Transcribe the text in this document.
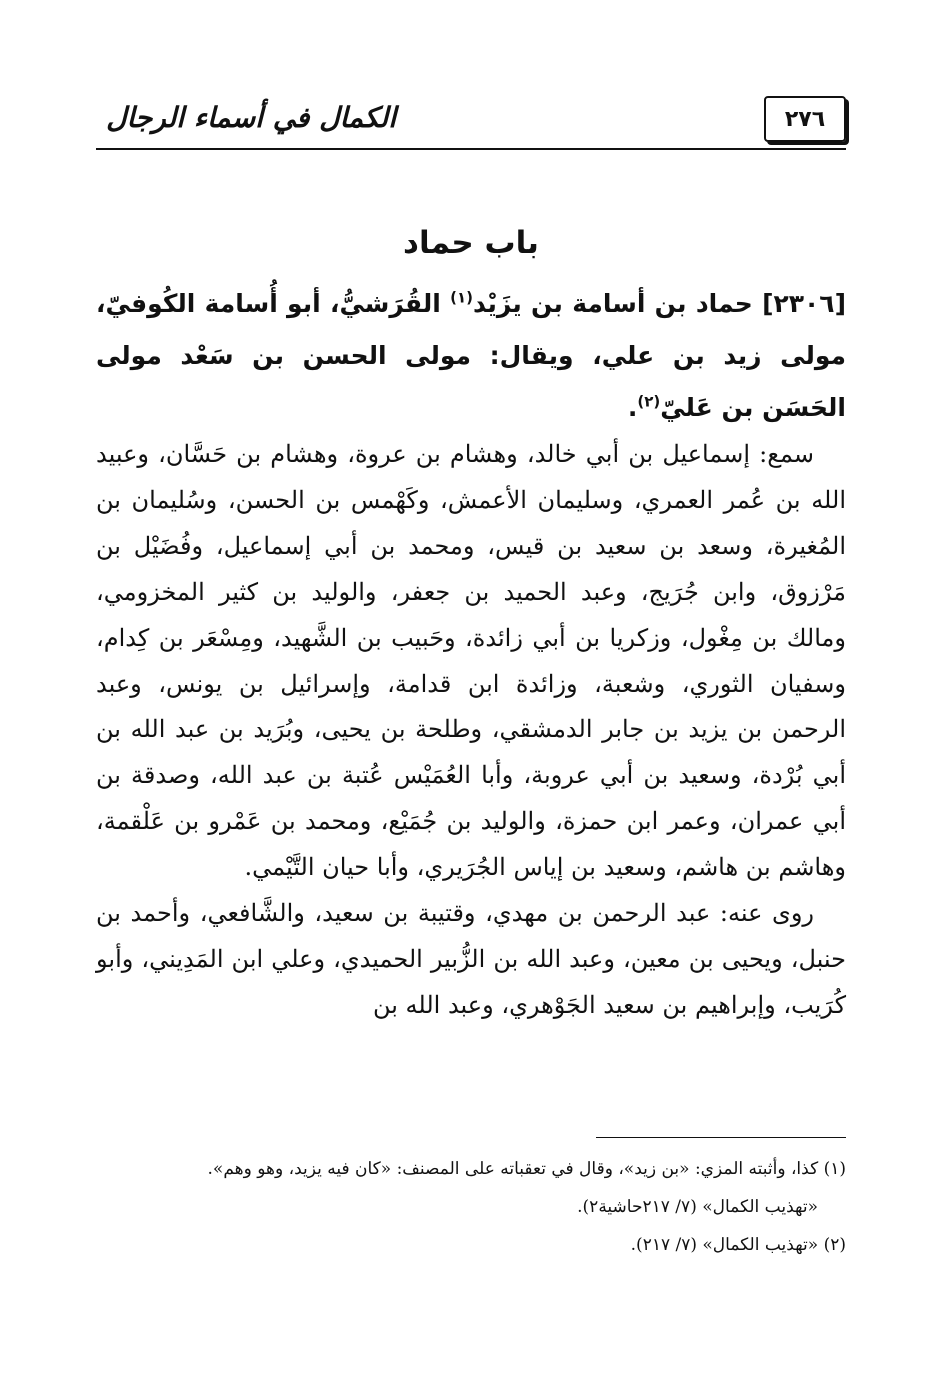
٢٧٦
الكمال في أسماء الرجال
باب حماد
[٢٣٠٦] حماد بن أسامة بن يزَيْد$^{(١)}$ القُرَشيُّ، أبو أُسامة الكُوفيّ، مولى زيد بن علي، ويقال: مولى الحسن بن سَعْد مولى الحَسَن بن عَليّ$^{(٢)}$.

سمع: إسماعيل بن أبي خالد، وهشام بن عروة، وهشام بن حَسَّان، وعبيد الله بن عُمر العمري، وسليمان الأعمش، وكَهْمس بن الحسن، وسُليمان بن المُغيرة، وسعد بن سعيد بن قيس، ومحمد بن أبي إسماعيل، وفُضَيْل بن مَرْزوق، وابن جُرَيج، وعبد الحميد بن جعفر، والوليد بن كثير المخزومي، ومالك بن مِغْول، وزكريا بن أبي زائدة، وحَبيب بن الشَّهيد، ومِسْعَر بن كِدام، وسفيان الثوري، وشعبة، وزائدة ابن قدامة، وإسرائيل بن يونس، وعبد الرحمن بن يزيد بن جابر الدمشقي، وطلحة بن يحيى، وبُرَيد بن عبد الله بن أبي بُرْدة، وسعيد بن أبي عروبة، وأبا العُمَيْس عُتبة بن عبد الله، وصدقة بن أبي عمران، وعمر ابن حمزة، والوليد بن جُمَيْع، ومحمد بن عَمْرو بن عَلْقمة، وهاشم بن هاشم، وسعيد بن إياس الجُرَيري، وأبا حيان التَّيْمي.

روى عنه: عبد الرحمن بن مهدي، وقتيبة بن سعيد، والشَّافعي، وأحمد بن حنبل، ويحيى بن معين، وعبد الله بن الزُّبير الحميدي، وعلي ابن المَدِيني، وأبو كُرَيب، وإبراهيم بن سعيد الجَوْهري، وعبد الله بن

(١) كذا، وأثبته المزي: «بن زيد»، وقال في تعقباته على المصنف: «كان فيه يزيد، وهو وهم».

«تهذيب الكمال» (٧/ ٢١٧حاشية٢).

(٢) «تهذيب الكمال» (٧/ ٢١٧).
